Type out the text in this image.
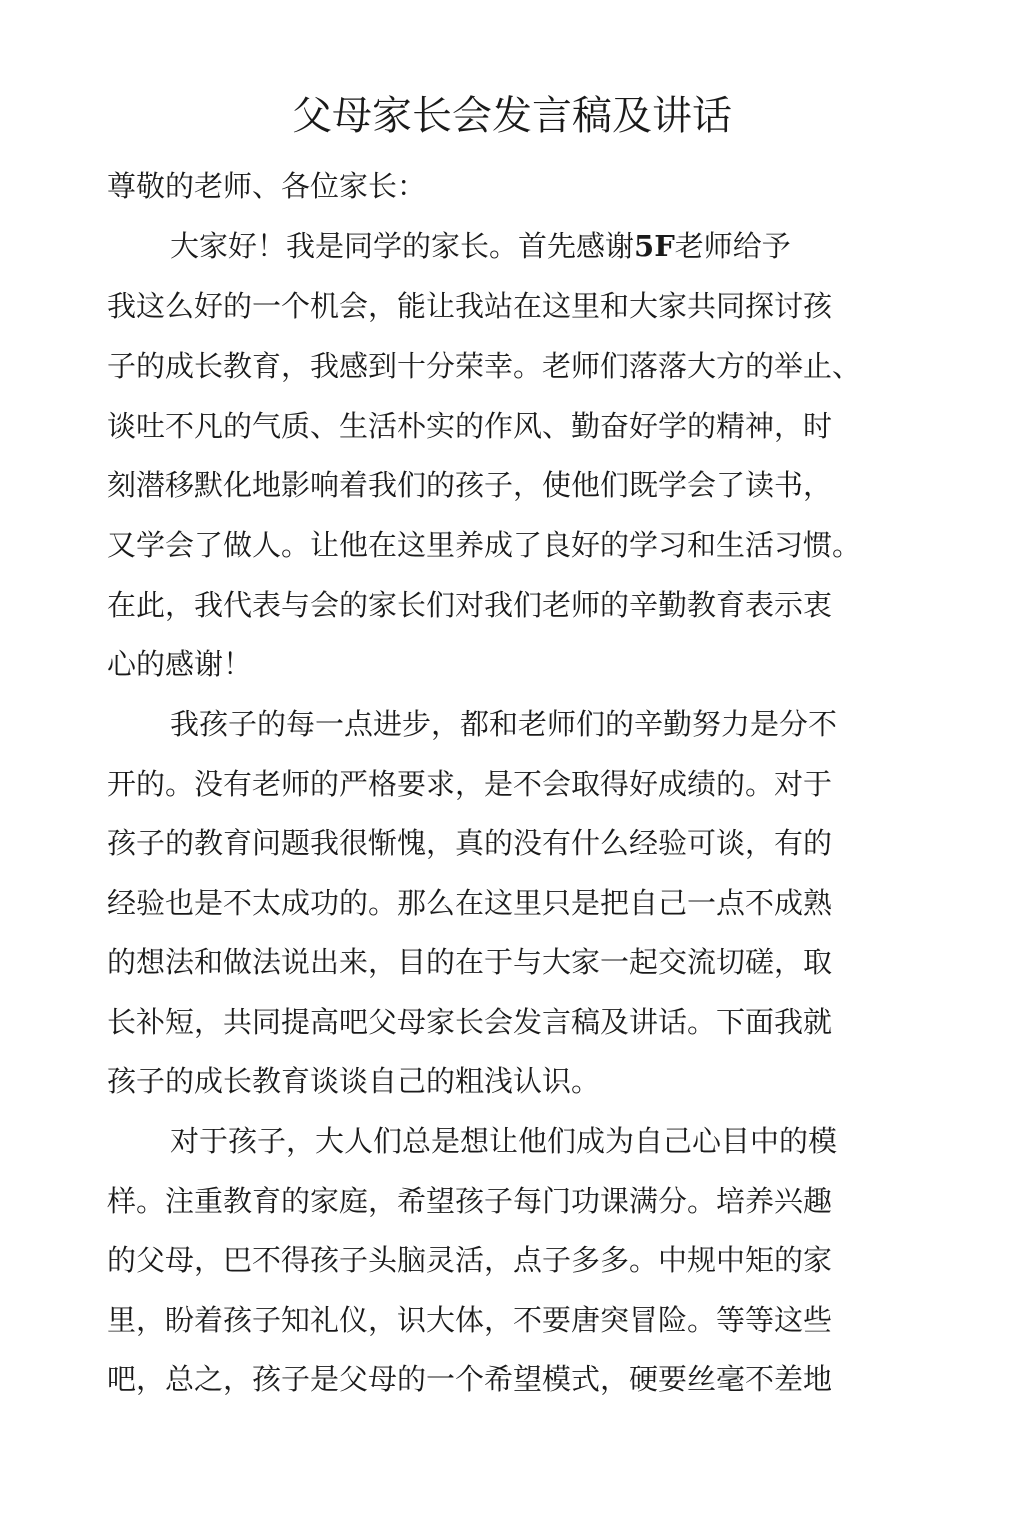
父母家长会发言稿及讲话

尊敬的老师、各位家长：

大家好！我是同学的家长。首先感谢5F老师给予

我这么好的一个机会，能让我站在这里和大家共同探讨孩

子的成长教育，我感到十分荣幸。老师们落落大方的举止、

谈吐不凡的气质、生活朴实的作风、勤奋好学的精神，时

刻潜移默化地影响着我们的孩子，使他们既学会了读书，

又学会了做人。让他在这里养成了良好的学习和生活习惯。

在此，我代表与会的家长们对我们老师的辛勤教育表示衷

心的感谢！

我孩子的每一点进步，都和老师们的辛勤努力是分不

开的。没有老师的严格要求，是不会取得好成绩的。对于

孩子的教育问题我很惭愧，真的没有什么经验可谈，有的

经验也是不太成功的。那么在这里只是把自己一点不成熟

的想法和做法说出来，目的在于与大家一起交流切磋，取

长补短，共同提高吧父母家长会发言稿及讲话。下面我就

孩子的成长教育谈谈自己的粗浅认识。

对于孩子，大人们总是想让他们成为自己心目中的模

样。注重教育的家庭，希望孩子每门功课满分。培养兴趣

的父母，巴不得孩子头脑灵活，点子多多。中规中矩的家

里，盼着孩子知礼仪，识大体，不要唐突冒险。等等这些

吧，总之，孩子是父母的一个希望模式，硬要丝毫不差地
